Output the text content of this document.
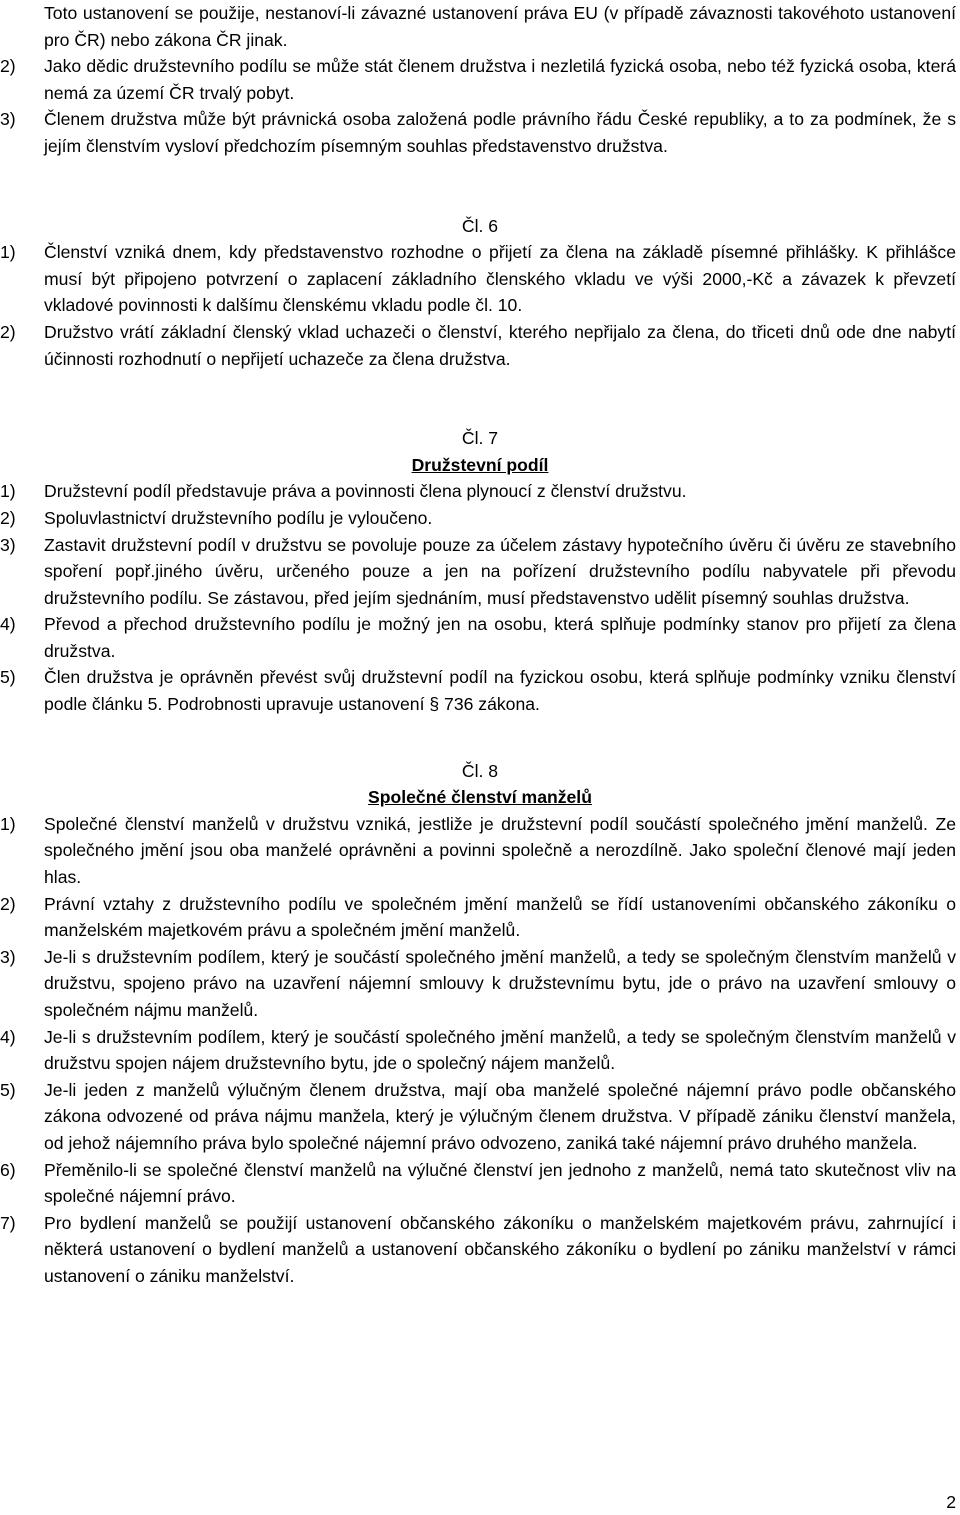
Toto ustanovení se použije, nestanoví-li závazné ustanovení práva EU (v případě závaznosti takovéhoto ustanovení pro ČR) nebo zákona ČR jinak.

2)	Jako dědic družstevního podílu se může stát členem družstva i nezletilá fyzická osoba, nebo též fyzická osoba, která nemá za území ČR trvalý pobyt.
3)	Členem družstva může být právnická osoba založená podle právního řádu České republiky, a to za podmínek, že s jejím členstvím vysloví předchozím písemným souhlas představenstvo družstva.

Čl. 6

1)	Členství vzniká dnem, kdy představenstvo rozhodne o přijetí za člena na základě písemné přihlášky. K přihlášce musí být připojeno potvrzení o zaplacení základního členského vkladu ve výši 2000,-Kč a závazek k převzetí vkladové povinnosti k dalšímu členskému vkladu podle čl. 10.
2)	Družstvo vrátí základní členský vklad uchazeči o členství, kterého nepřijalo za člena, do třiceti dnů ode dne nabytí účinnosti rozhodnutí o nepřijetí uchazeče za člena družstva.

Čl. 7

Družstevní podíl

1)	Družstevní podíl představuje práva a povinnosti člena plynoucí z členství družstvu.
2)	Spoluvlastnictví družstevního podílu je vyloučeno.
3)	Zastavit družstevní podíl v družstvu se povoluje pouze za účelem zástavy hypotečního úvěru či úvěru ze stavebního spoření popř.jiného úvěru, určeného pouze a jen na pořízení družstevního podílu nabyvatele při převodu družstevního podílu. Se zástavou, před jejím sjednáním, musí představenstvo udělit písemný souhlas družstva.
4)	Převod a přechod družstevního podílu je možný jen na osobu, která splňuje podmínky stanov pro přijetí za člena družstva.
5)	Člen družstva je oprávněn převést svůj družstevní podíl na fyzickou osobu, která splňuje podmínky vzniku členství podle článku 5. Podrobnosti upravuje ustanovení § 736 zákona.

Čl. 8

Společné členství manželů

1)	Společné členství manželů v družstvu vzniká, jestliže je družstevní podíl součástí společného jmění manželů. Ze společného jmění jsou oba manželé oprávněni a povinni společně a nerozdílně. Jako společní členové mají jeden hlas.
2)	Právní vztahy z družstevního podílu ve společném jmění manželů se řídí ustanoveními občanského zákoníku o manželském majetkovém právu a společném jmění manželů.
3)	Je-li s družstevním podílem, který je součástí společného jmění manželů, a tedy se společným členstvím manželů v družstvu, spojeno právo na uzavření nájemní smlouvy k družstevnímu bytu, jde o právo na uzavření smlouvy o společném nájmu manželů.
4)	Je-li s družstevním podílem, který je součástí společného jmění manželů, a tedy se společným členstvím manželů v družstvu spojen nájem družstevního bytu, jde o společný nájem manželů.
5)	Je-li jeden z manželů výlučným členem družstva, mají oba manželé společné nájemní právo podle občanského zákona odvozené od práva nájmu manžela, který je výlučným členem družstva. V případě zániku členství manžela, od jehož nájemního práva bylo společné nájemní právo odvozeno, zaniká také nájemní právo druhého manžela.
6)	Přeměnilo-li se společné členství manželů na výlučné členství jen jednoho z manželů, nemá tato skutečnost vliv na společné nájemní právo.
7)	Pro bydlení manželů se použijí ustanovení občanského zákoníku o manželském majetkovém právu, zahrnující i některá ustanovení o bydlení manželů a ustanovení občanského zákoníku o bydlení po zániku manželství v rámci ustanovení o zániku manželství.
2
